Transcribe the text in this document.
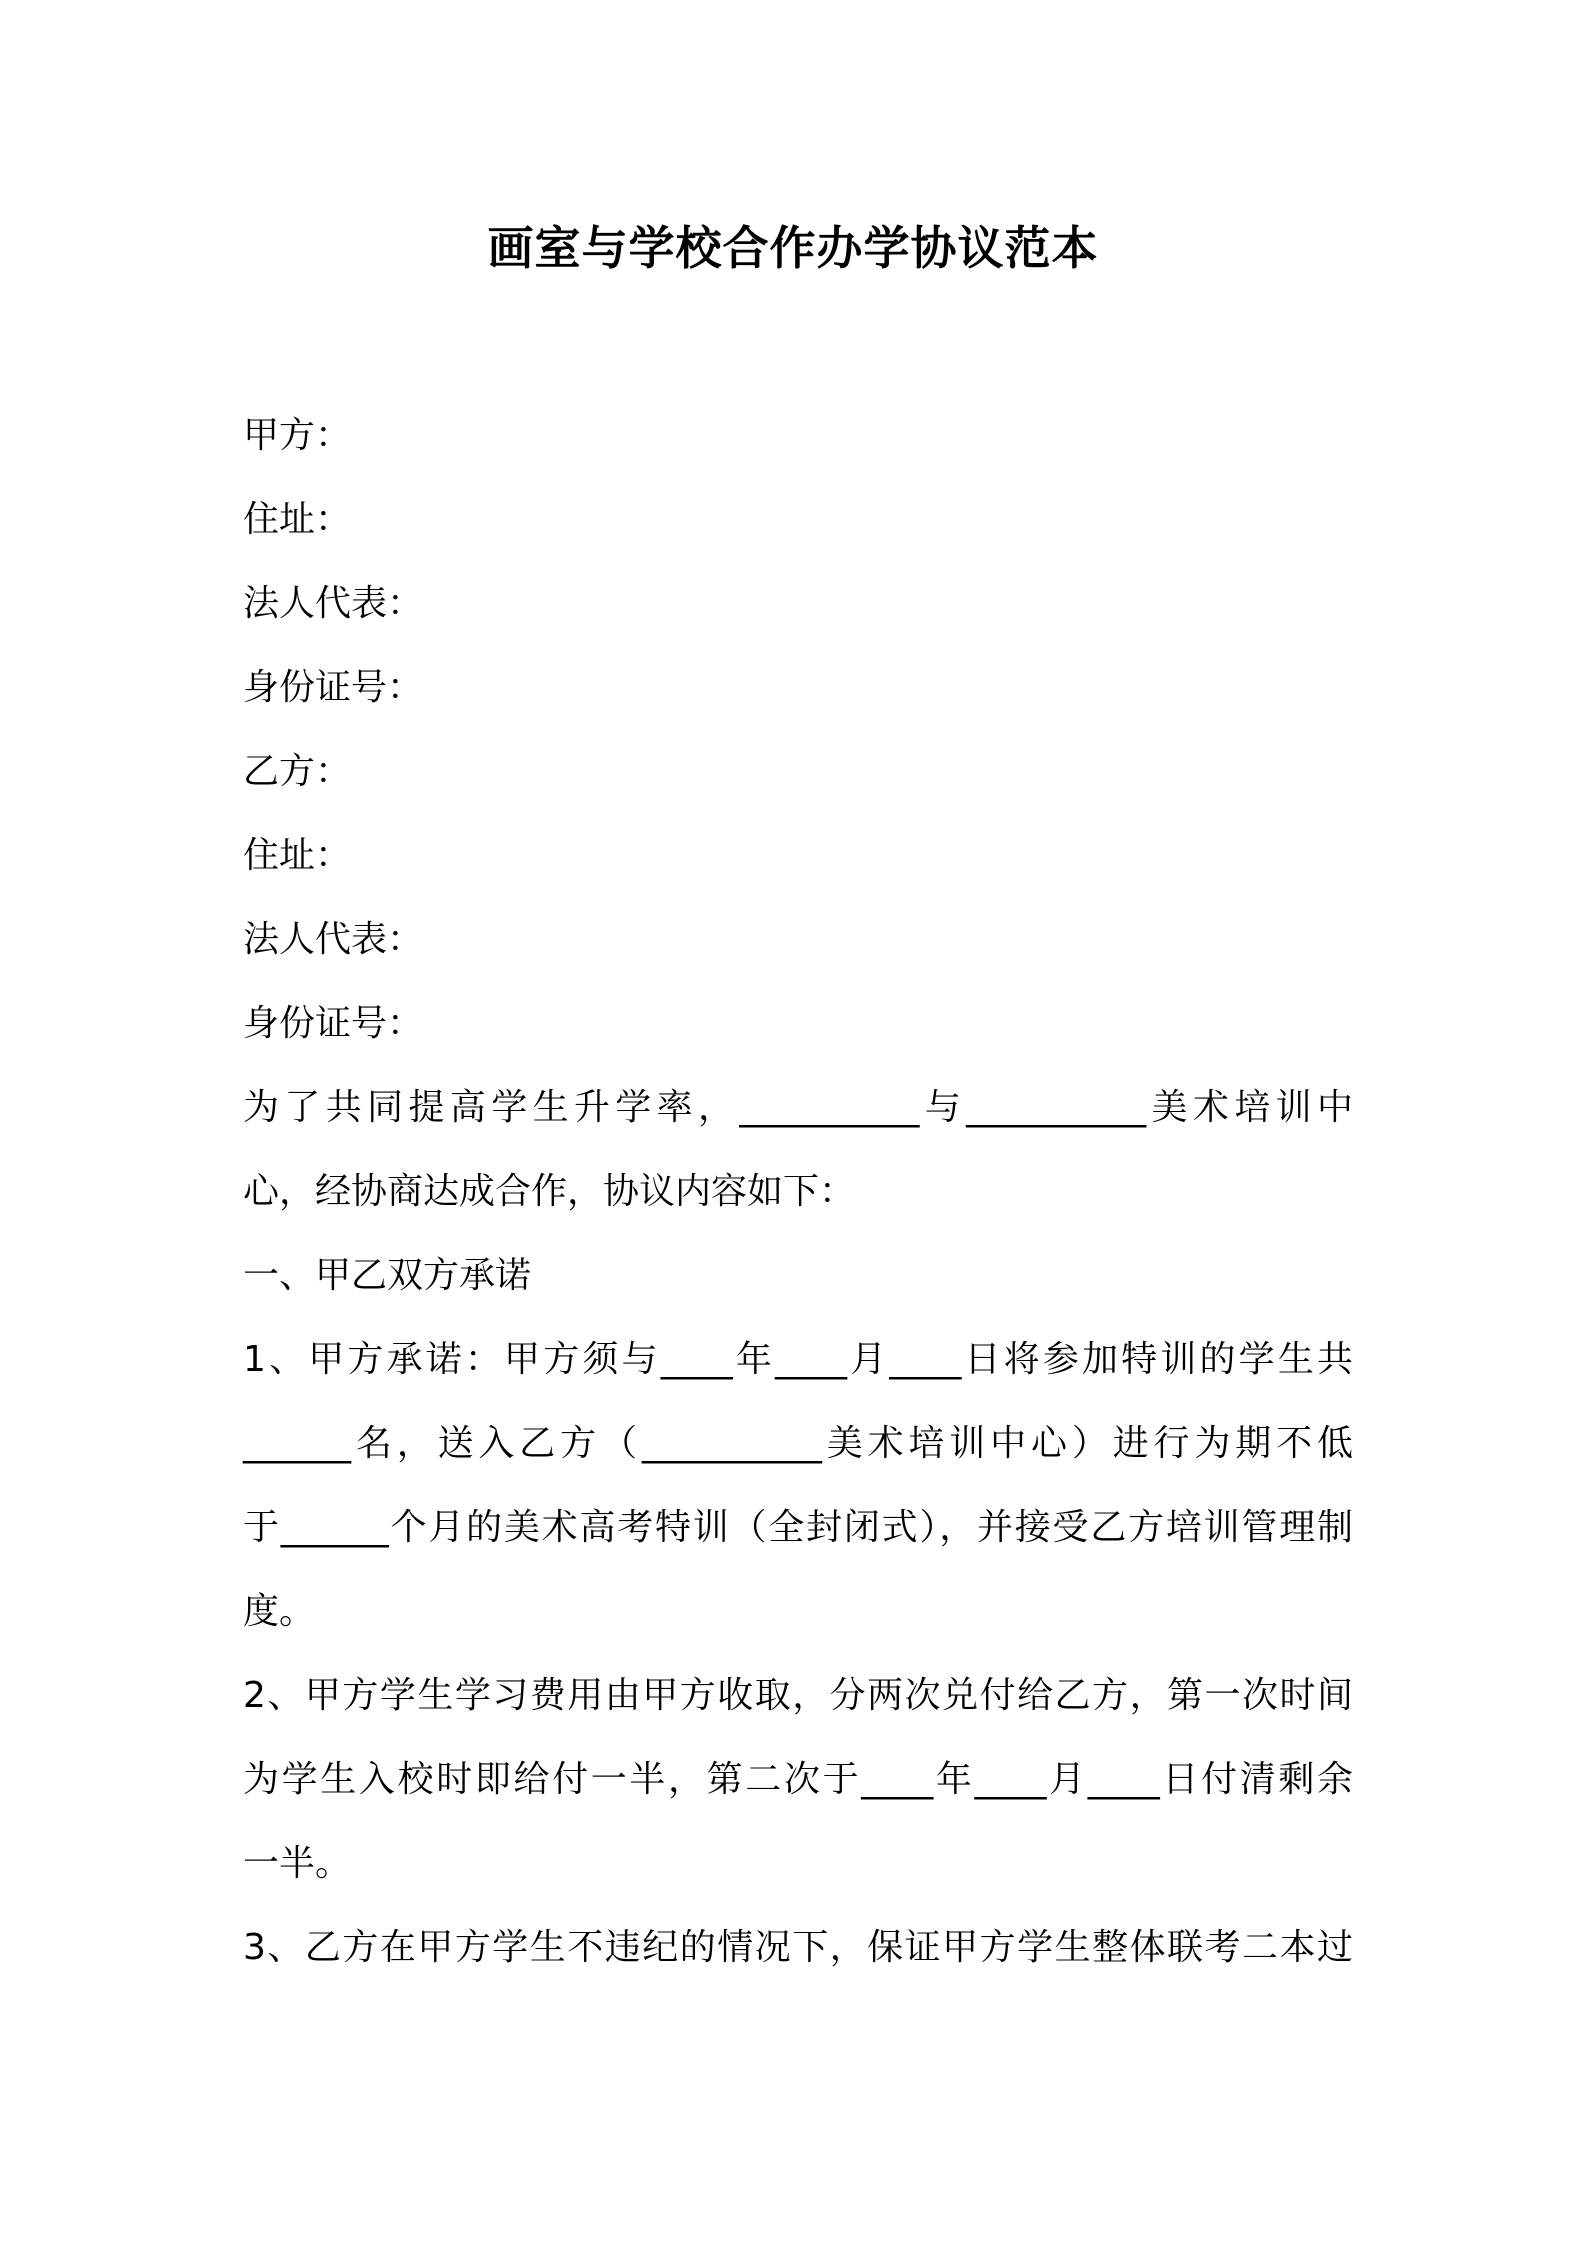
画室与学校合作办学协议范本
甲方：
住址：
法人代表：
身份证号：
乙方：
住址：
法人代表：
身份证号：
为了共同提高学生升学率，__________与__________美术培训中
心，经协商达成合作，协议内容如下：
一、甲乙双方承诺
1、甲方承诺：甲方须与____年____月____日将参加特训的学生共
______名，送入乙方（__________美术培训中心）进行为期不低
于______个月的美术高考特训（全封闭式），并接受乙方培训管理制
度。
2、甲方学生学习费用由甲方收取，分两次兑付给乙方，第一次时间
为学生入校时即给付一半，第二次于____年____月____日付清剩余
一半。
3、乙方在甲方学生不违纪的情况下，保证甲方学生整体联考二本过
